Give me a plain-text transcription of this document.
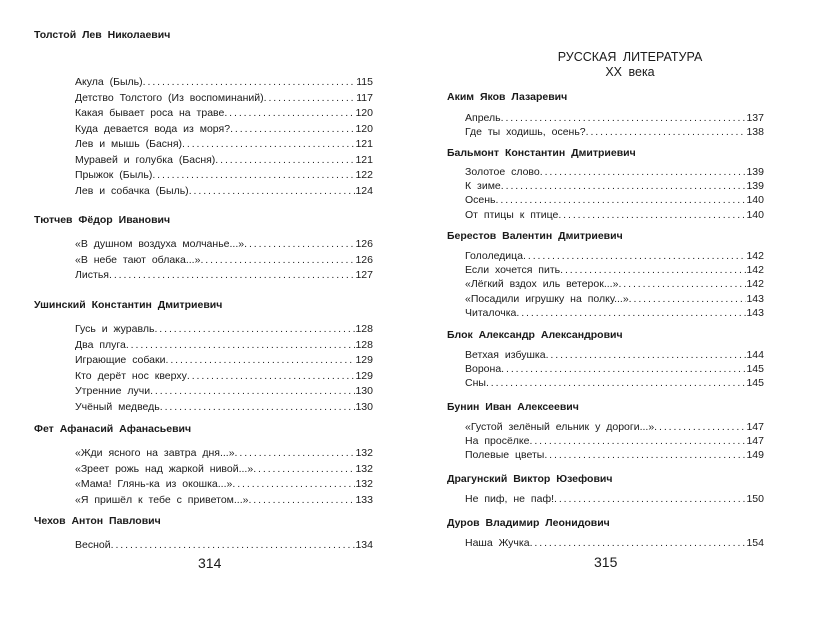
314
Толстой Лев Николаевич
Акула (Быль) . . .	115
Детство Толстого (Из воспоминаний) . . .	117
Какая бывает роса на траве . . .	120
Куда девается вода из моря? . . .	120
Лев и мышь (Басня) . . .	121
Муравей и голубка (Басня) . . .	121
Прыжок (Быль) . . .	122
Лев и собачка (Быль) . . .	124
Тютчев Фёдор Иванович
«В душном воздуха молчанье...» . . .	126
«В небе тают облака...» . . .	126
Листья . . .	127
Ушинский Константин Дмитриевич
Гусь и журавль . . .	128
Два плуга . . .	128
Играющие собаки . . .	129
Кто дерёт нос кверху . . .	129
Утренние лучи . . .	130
Учёный медведь . . .	130
Фет Афанасий Афанасьевич
«Жди ясного на завтра дня...» . . .	132
«Зреет рожь над жаркой нивой...» . . .	132
«Мама! Глянь-ка из окошка...» . . .	132
«Я пришёл к тебе с приветом...» . . .	133
Чехов Антон Павлович
Весной . . .	134
РУССКАЯ ЛИТЕРАТУРА
XX века
315
Аким Яков Лазаревич
Апрель . . .	137
Где ты ходишь, осень? . . .	138
Бальмонт Константин Дмитриевич
Золотое слово . . .	139
К зиме . . .	139
Осень . . .	140
От птицы к птице . . .	140
Берестов Валентин Дмитриевич
Гололедица . . .	142
Если хочется пить . . .	142
«Лёгкий вздох иль ветерок...» . . .	142
«Посадили игрушку на полку...» . . .	143
Читалочка . . .	143
Блок Александр Александрович
Ветхая избушка . . .	144
Ворона . . .	145
Сны . . .	145
Бунин Иван Алексеевич
«Густой зелёный ельник у дороги...» . . .	147
На просёлке . . .	147
Полевые цветы . . .	149
Драгунский Виктор Юзефович
Не пиф, не паф! . . .	150
Дуров Владимир Леонидович
Наша Жучка . . .	154
